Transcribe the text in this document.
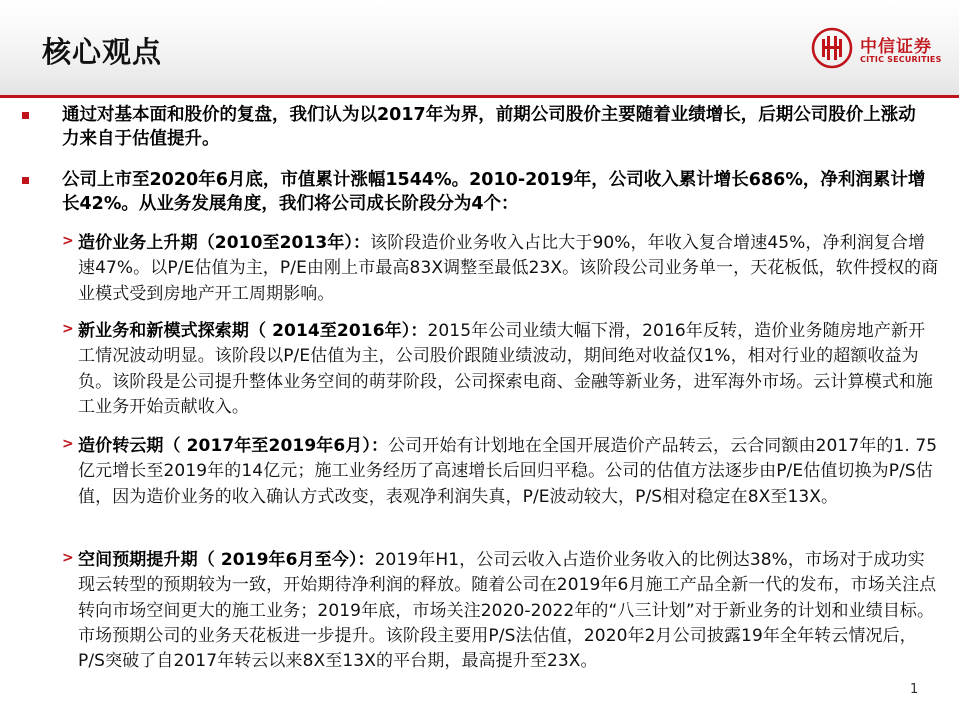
核心观点	中信证券
CITIC SECURITIES
通过对基本面和股价的复盘，我们认为以2017年为界，前期公司股价主要随着业绩增长，后期公司股价上涨动力来自于估值提升。
公司上市至2020年6月底，市值累计涨幅1544%。2010-2019年，公司收入累计增长686%，净利润累计增长42%。从业务发展角度，我们将公司成长阶段分为4个：
> 造价业务上升期（2010至2013年）：该阶段造价业务收入占比大于90%，年收入复合增速45%，净利润复合增速47%。以P/E估值为主，P/E由刚上市最高83X调整至最低23X。该阶段公司业务单一，天花板低，软件授权的商业模式受到房地产开工周期影响。
> 新业务和新模式探索期（ 2014至2016年）：2015年公司业绩大幅下滑，2016年反转，造价业务随房地产新开工情况波动明显。该阶段以P/E估值为主，公司股价跟随业绩波动，期间绝对收益仅1%，相对行业的超额收益为负。该阶段是公司提升整体业务空间的萌芽阶段，公司探索电商、金融等新业务，进军海外市场。云计算模式和施工业务开始贡献收入。
> 造价转云期（ 2017年至2019年6月）：公司开始有计划地在全国开展造价产品转云，云合同额由2017年的1. 75亿元增长至2019年的14亿元；施工业务经历了高速增长后回归平稳。公司的估值方法逐步由P/E估值切换为P/S估值，因为造价业务的收入确认方式改变，表观净利润失真，P/E波动较大，P/S相对稳定在8X至13X。
> 空间预期提升期（ 2019年6月至今）：2019年H1，公司云收入占造价业务收入的比例达38%，市场对于成功实现云转型的预期较为一致，开始期待净利润的释放。随着公司在2019年6月施工产品全新一代的发布，市场关注点转向市场空间更大的施工业务；2019年底，市场关注2020-2022年的“八三计划”对于新业务的计划和业绩目标。市场预期公司的业务天花板进一步提升。该阶段主要用P/S法估值，2020年2月公司披露19年全年转云情况后，P/S突破了自2017年转云以来8X至13X的平台期，最高提升至23X。
1
